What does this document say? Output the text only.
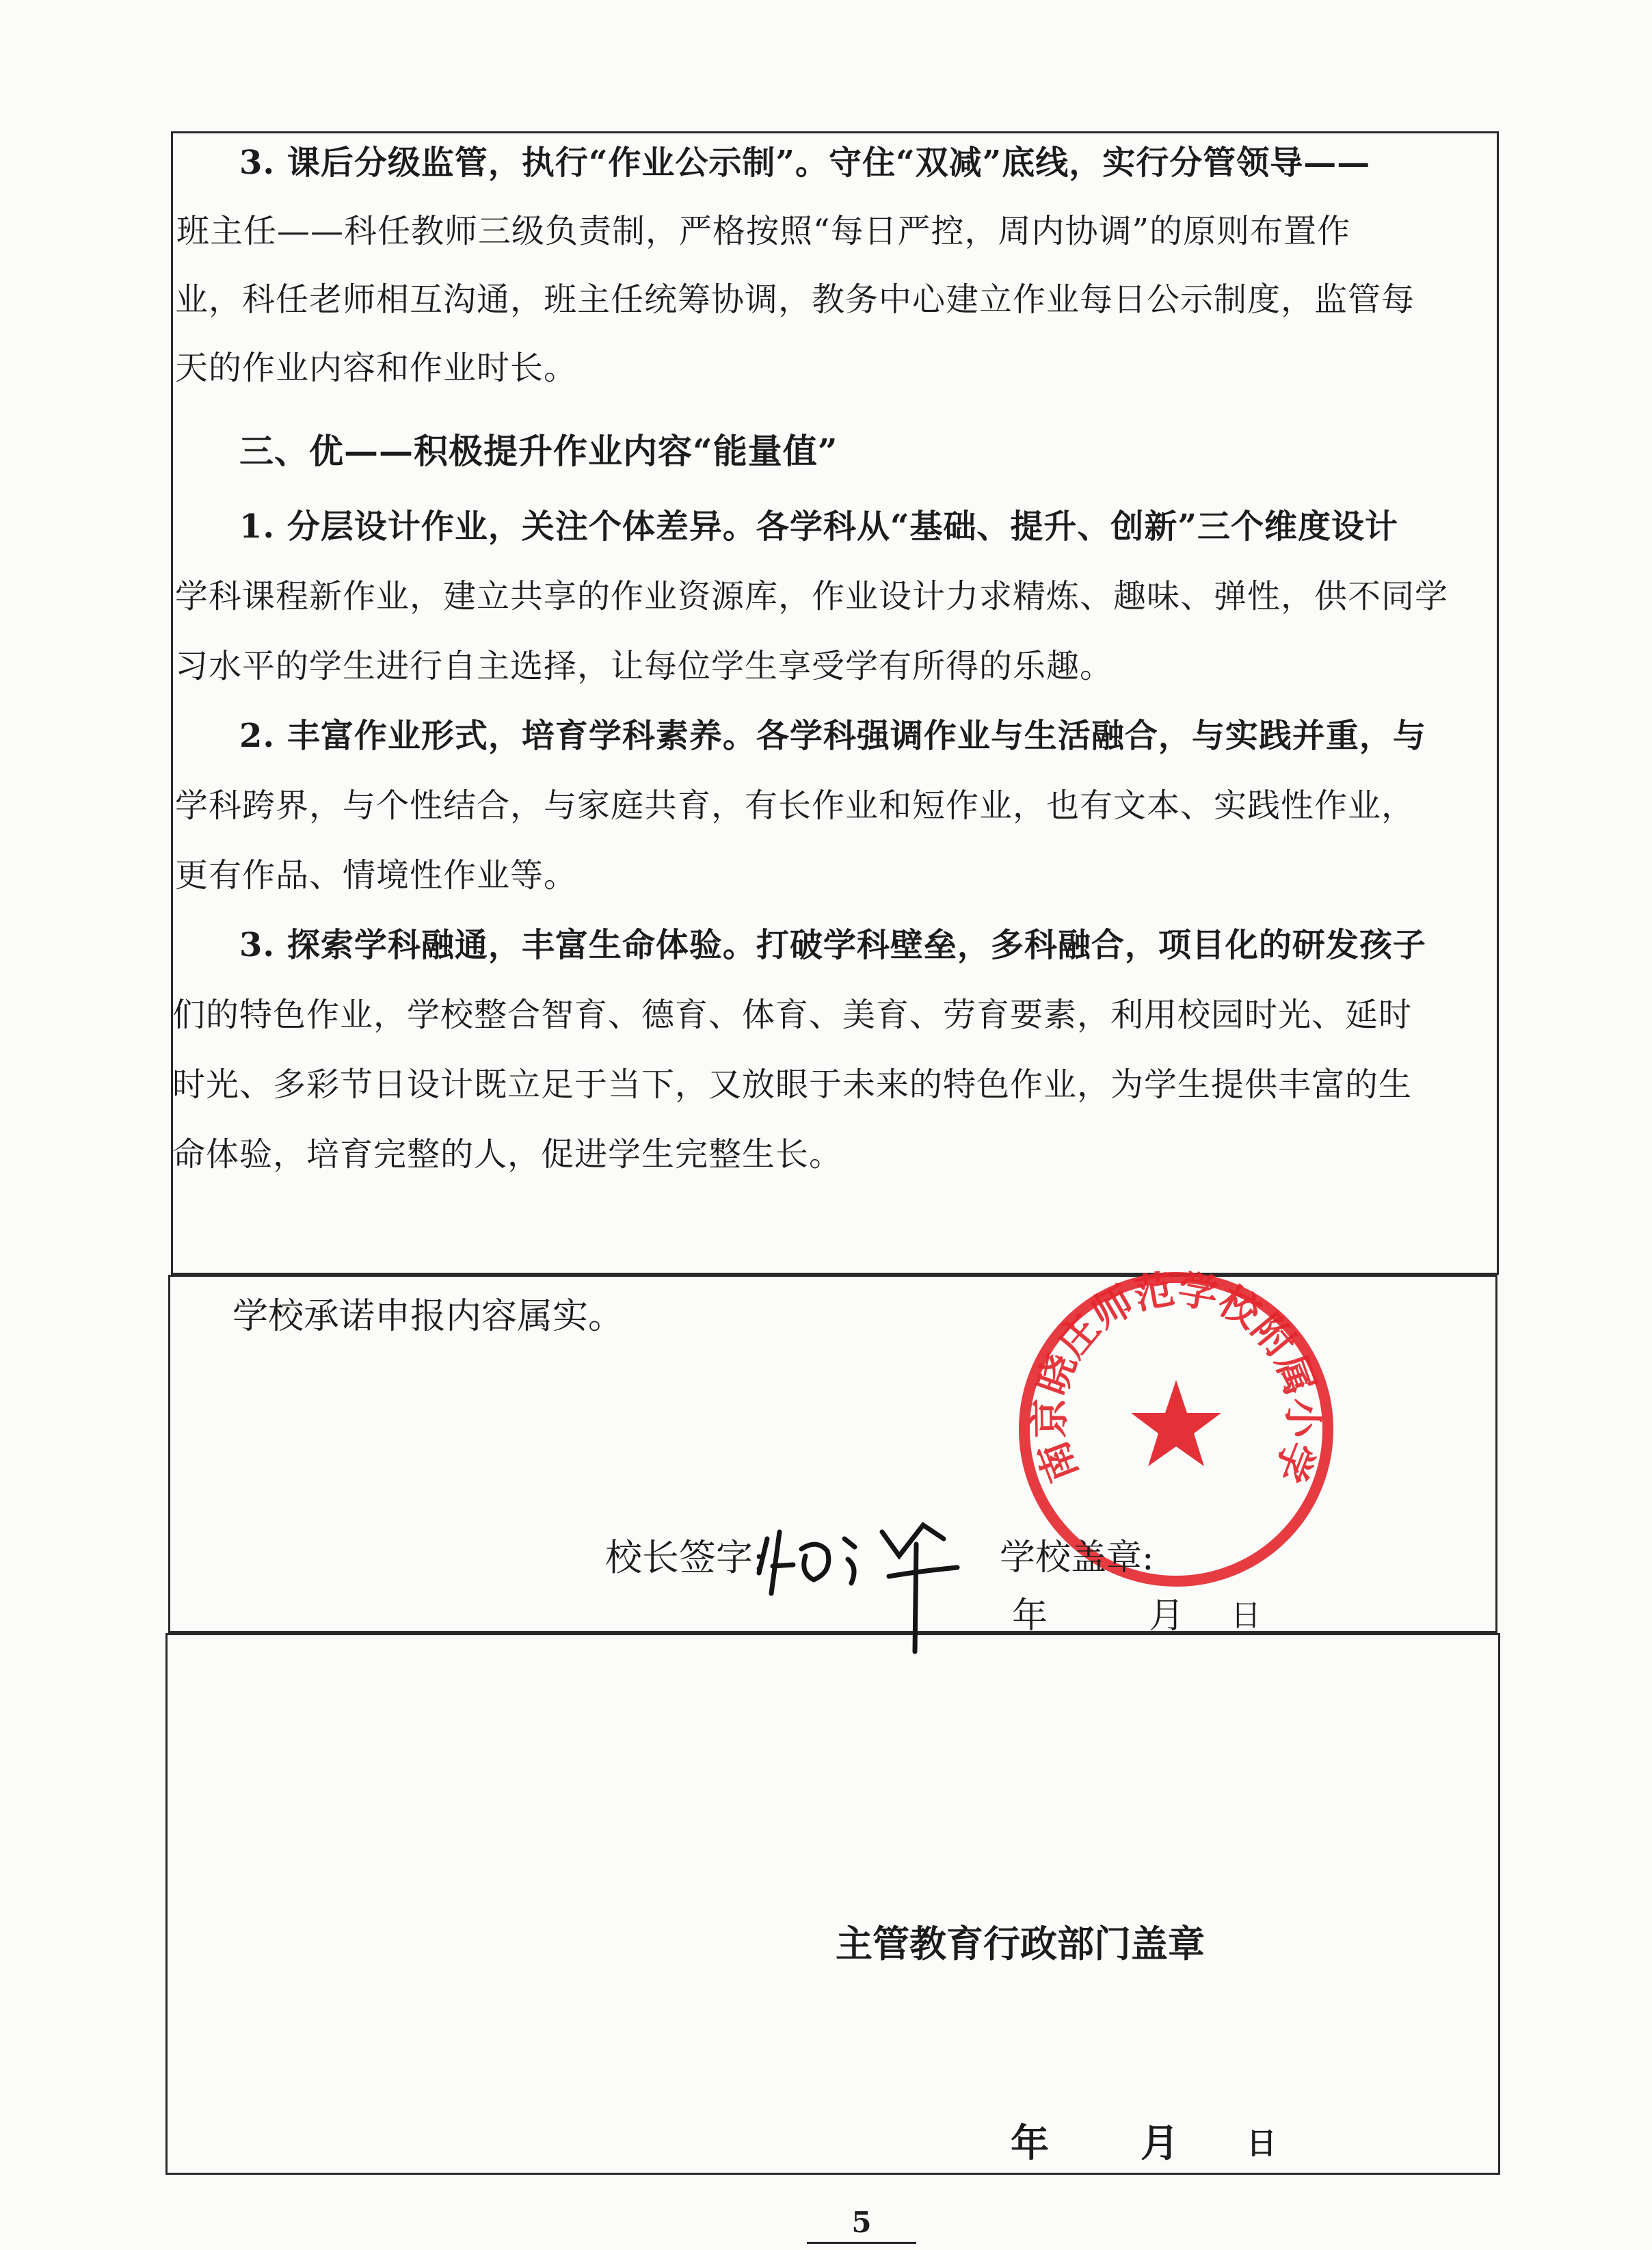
3. 课后分级监管，执行“作业公示制”。守住“双减”底线，实行分管领导——
班主任——科任教师三级负责制，严格按照“每日严控，周内协调”的原则布置作
业，科任老师相互沟通，班主任统筹协调，教务中心建立作业每日公示制度，监管每
天的作业内容和作业时长。
三、优——积极提升作业内容“能量值”
1. 分层设计作业，关注个体差异。各学科从“基础、提升、创新”三个维度设计
学科课程新作业，建立共享的作业资源库，作业设计力求精炼、趣味、弹性，供不同学
习水平的学生进行自主选择，让每位学生享受学有所得的乐趣。
2. 丰富作业形式，培育学科素养。各学科强调作业与生活融合，与实践并重，与
学科跨界，与个性结合，与家庭共育，有长作业和短作业，也有文本、实践性作业，
更有作品、情境性作业等。
3. 探索学科融通，丰富生命体验。打破学科壁垒，多科融合，项目化的研发孩子
们的特色作业，学校整合智育、德育、体育、美育、劳育要素，利用校园时光、延时
时光、多彩节日设计既立足于当下，又放眼于未来的特色作业，为学生提供丰富的生
命体验，培育完整的人，促进学生完整生长。
学校承诺申报内容属实。
南京晓庄师范学校附属小学
校长签字:	学校盖章:
年	月 日
主管教育行政部门盖章
年 月 日
5
